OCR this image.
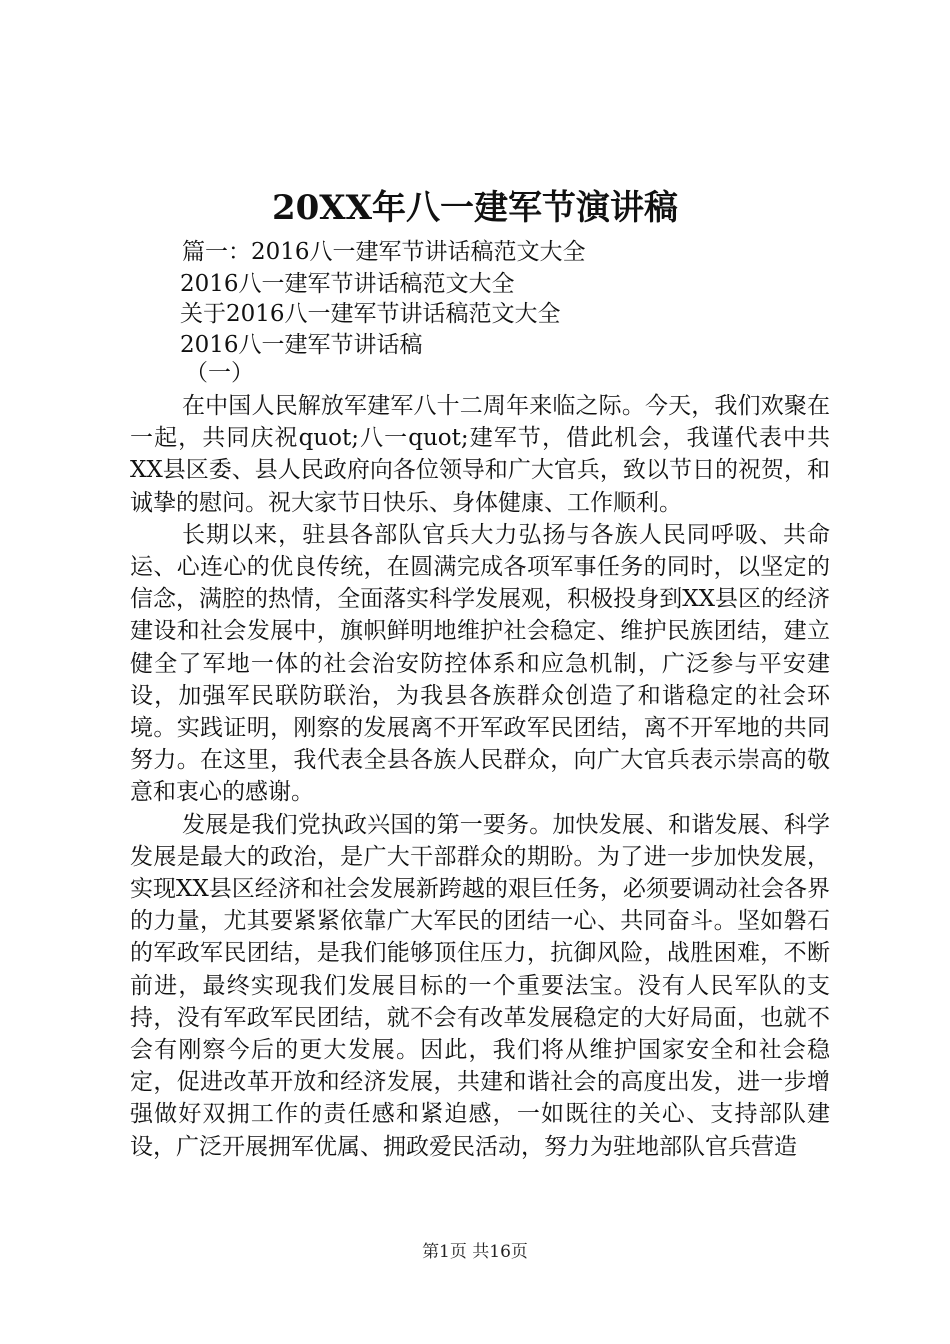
20XX年八一建军节演讲稿
篇一：2016八一建军节讲话稿范文大全
2016八一建军节讲话稿范文大全
关于2016八一建军节讲话稿范文大全
2016八一建军节讲话稿
（一）

在中国人民解放军建军八十二周年来临之际。今天，我们欢聚在一起，共同庆祝quot;八一quot;建军节，借此机会，我谨代表中共XX县区委、县人民政府向各位领导和广大官兵，致以节日的祝贺，和诚挚的慰问。祝大家节日快乐、身体健康、工作顺利。

长期以来，驻县各部队官兵大力弘扬与各族人民同呼吸、共命运、心连心的优良传统，在圆满完成各项军事任务的同时，以坚定的信念，满腔的热情，全面落实科学发展观，积极投身到XX县区的经济建设和社会发展中，旗帜鲜明地维护社会稳定、维护民族团结，建立健全了军地一体的社会治安防控体系和应急机制，广泛参与平安建设，加强军民联防联治，为我县各族群众创造了和谐稳定的社会环境。实践证明，刚察的发展离不开军政军民团结，离不开军地的共同努力。在这里，我代表全县各族人民群众，向广大官兵表示崇高的敬意和衷心的感谢。

发展是我们党执政兴国的第一要务。加快发展、和谐发展、科学发展是最大的政治，是广大干部群众的期盼。为了进一步加快发展，实现XX县区经济和社会发展新跨越的艰巨任务，必须要调动社会各界的力量，尤其要紧紧依靠广大军民的团结一心、共同奋斗。坚如磐石的军政军民团结，是我们能够顶住压力，抗御风险，战胜困难，不断前进，最终实现我们发展目标的一个重要法宝。没有人民军队的支持，没有军政军民团结，就不会有改革发展稳定的大好局面，也就不会有刚察今后的更大发展。因此，我们将从维护国家安全和社会稳定，促进改革开放和经济发展，共建和谐社会的高度出发，进一步增强做好双拥工作的责任感和紧迫感，一如既往的关心、支持部队建设，广泛开展拥军优属、拥政爱民活动，努力为驻地部队官兵营造

第1页 共16页
